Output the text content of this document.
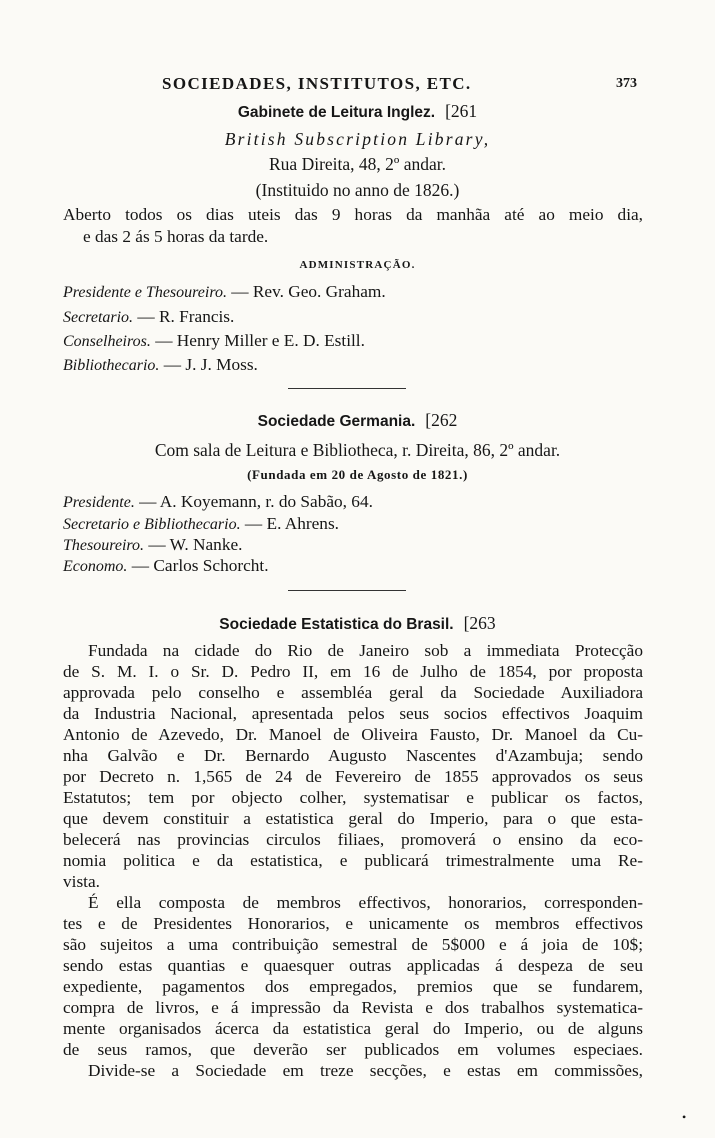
SOCIEDADES, INSTITUTOS, ETC.	373
Gabinete de Leitura Inglez. [261
British Subscription Library,
Rua Direita, 48, 2º andar.
(Instituido no anno de 1826.)
Aberto todos os dias uteis das 9 horas da manhãa até ao meio dia,
e das 2 ás 5 horas da tarde.
ADMINISTRAÇÃO.
Presidente e Thesoureiro. — Rev. Geo. Graham.
Secretario. — R. Francis.
Conselheiros. — Henry Miller e E. D. Estill.
Bibliothecario. — J. J. Moss.
Sociedade Germania. [262
Com sala de Leitura e Bibliotheca, r. Direita, 86, 2º andar.
(Fundada em 20 de Agosto de 1821.)
Presidente. — A. Koyemann, r. do Sabão, 64.
Secretario e Bibliothecario. — E. Ahrens.
Thesoureiro. — W. Nanke.
Economo. — Carlos Schorcht.
Sociedade Estatistica do Brasil. [263
Fundada na cidade do Rio de Janeiro sob a immediata Protecção
de S. M. I. o Sr. D. Pedro II, em 16 de Julho de 1854, por proposta
approvada pelo conselho e assembléa geral da Sociedade Auxiliadora
da Industria Nacional, apresentada pelos seus socios effectivos Joaquim
Antonio de Azevedo, Dr. Manoel de Oliveira Fausto, Dr. Manoel da Cu-
nha Galvão e Dr. Bernardo Augusto Nascentes d'Azambuja; sendo
por Decreto n. 1,565 de 24 de Fevereiro de 1855 approvados os seus
Estatutos; tem por objecto colher, systematisar e publicar os factos,
que devem constituir a estatistica geral do Imperio, para o que esta-
belecerá nas provincias circulos filiaes, promoverá o ensino da eco-
nomia politica e da estatistica, e publicará trimestralmente uma Re-
vista.
É ella composta de membros effectivos, honorarios, corresponden-
tes e de Presidentes Honorarios, e unicamente os membros effectivos
são sujeitos a uma contribuição semestral de 5$000 e á joia de 10$;
sendo estas quantias e quaesquer outras applicadas á despeza de seu
expediente, pagamentos dos empregados, premios que se fundarem,
compra de livros, e á impressão da Revista e dos trabalhos systematica-
mente organisados ácerca da estatistica geral do Imperio, ou de alguns
de seus ramos, que deverão ser publicados em volumes especiaes.
Divide-se a Sociedade em treze secções, e estas em commissões,
•
